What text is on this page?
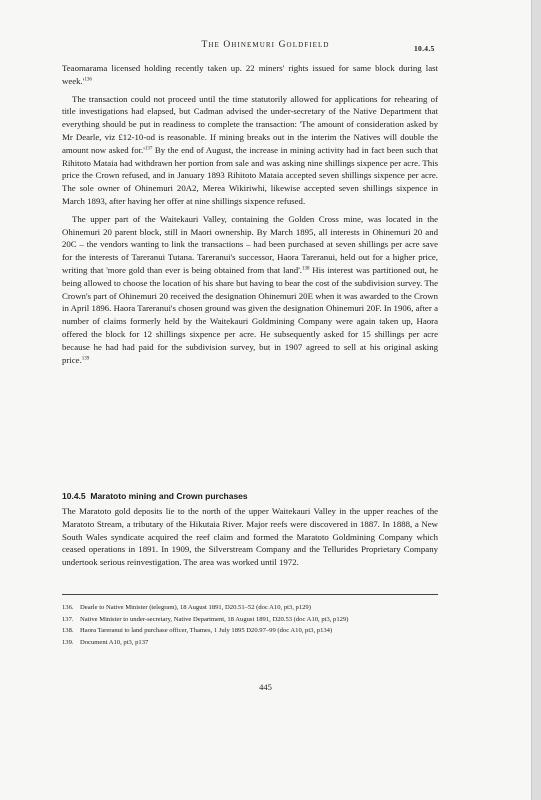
The Ohinemuri Goldfield	10.4.5

Teaomarama licensed holding recently taken up. 22 miners' rights issued for same block during last $week.'^{136}$

The transaction could not proceed until the time statutorily allowed for applications for rehearing of title investigations had elapsed, but Cadman advised the under-secretary of the Native Department that everything should be put in readiness to complete the transaction: 'The amount of consideration asked by Mr Dearle, viz £12-10-od is reasonable. If mining breaks out in the interim the Natives will double the amount now asked $for.'^{137}$ By the end of August, the increase in mining activity had in fact been such that Rihitoto Mataia had withdrawn her portion from sale and was asking nine shillings sixpence per acre. This price the Crown refused, and in January 1893 Rihitoto Mataia accepted seven shillings sixpence per acre. The sole owner of Ohinemuri 20A2, Merea Wikiriwhi, likewise accepted seven shillings sixpence in March 1893, after having her offer at nine shillings sixpence refused.

The upper part of the Waitekauri Valley, containing the Golden Cross mine, was located in the Ohinemuri 20 parent block, still in Maori ownership. By March 1895, all interests in Ohinemuri 20 and 20C – the vendors wanting to link the transactions – had been purchased at seven shillings per acre save for the interests of Tareranui Tutana. Tareranui's successor, Haora Tareranui, held out for a higher price, writing that 'more gold than ever is being obtained from that land'.$^{138}$ His interest was partitioned out, he being allowed to choose the location of his share but having to bear the cost of the subdivision survey. The Crown's part of Ohinemuri 20 received the designation Ohinemuri 20E when it was awarded to the Crown in April 1896. Haora Tareranui's chosen ground was given the designation Ohinemuri 20F. In 1906, after a number of claims formerly held by the Waitekauri Goldmining Company were again taken up, Haora offered the block for 12 shillings sixpence per acre. He subsequently asked for 15 shillings per acre because he had had paid for the subdivision survey, but in 1907 agreed to sell at his original asking price.$^{139}$

10.4.5 Maratoto mining and Crown purchases

The Maratoto gold deposits lie to the north of the upper Waitekauri Valley in the upper reaches of the Maratoto Stream, a tributary of the Hikutaia River. Major reefs were discovered in 1887. In 1888, a New South Wales syndicate acquired the reef claim and formed the Maratoto Goldmining Company which ceased operations in 1891. In 1909, the Silverstream Company and the Tellurides Proprietary Company undertook serious reinvestigation. The area was worked until 1972.

136. Dearle to Native Minister (telegram), 18 August 1891, D20.51–52 (doc A10, pt3, p129)
137. Native Minister to under-secretary, Native Department, 18 August 1891, D20.53 (doc A10, pt3, p129)
138. Haora Tareranui to land purchase officer, Thames, 1 July 1895 D20.97–99 (doc A10, pt3, p134)
139. Document A10, pt3, p137
445
